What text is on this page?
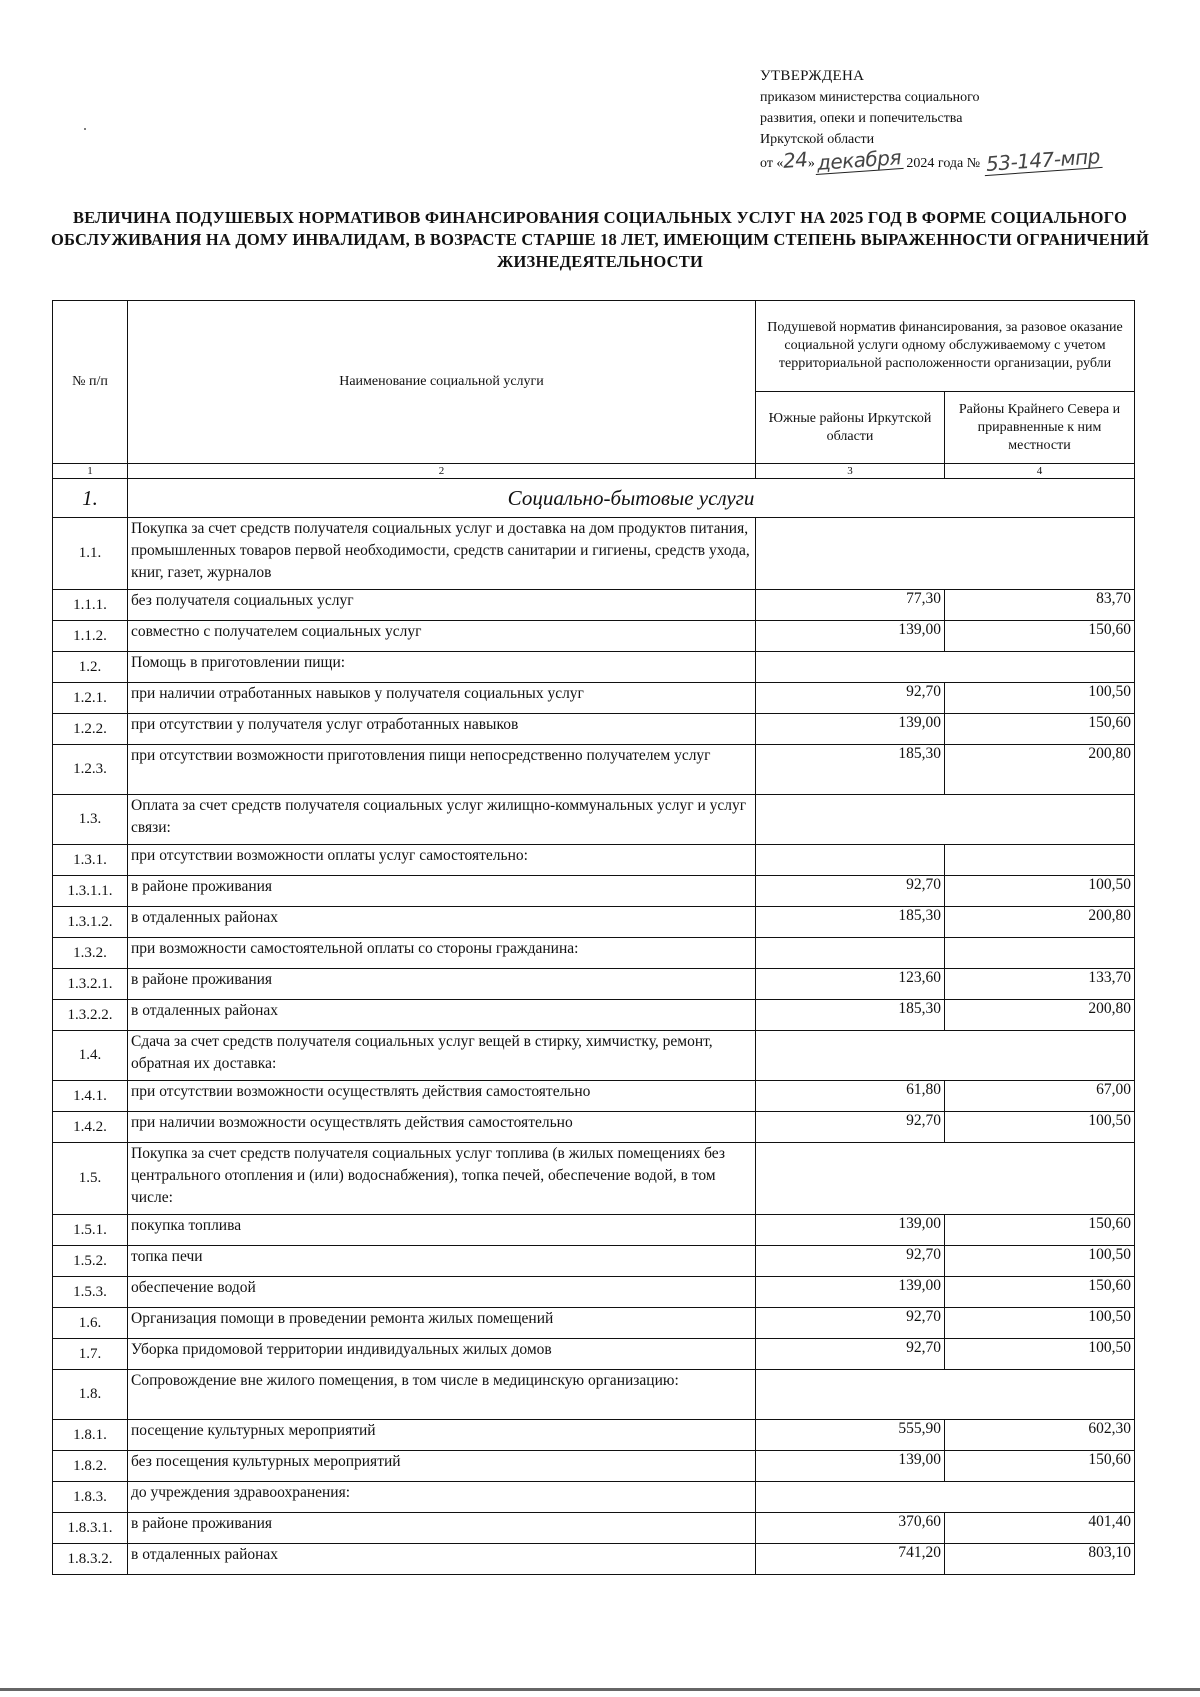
УТВЕРЖДЕНА
приказом министерства социального
развития, опеки и попечительства
Иркутской области
от «24»декабря 2024 года № 53-147-мпр
ВЕЛИЧИНА ПОДУШЕВЫХ НОРМАТИВОВ ФИНАНСИРОВАНИЯ СОЦИАЛЬНЫХ УСЛУГ НА 2025 ГОД В ФОРМЕ СОЦИАЛЬНОГО ОБСЛУЖИВАНИЯ НА ДОМУ ИНВАЛИДАМ, В ВОЗРАСТЕ СТАРШЕ 18 ЛЕТ, ИМЕЮЩИМ СТЕПЕНЬ ВЫРАЖЕННОСТИ ОГРАНИЧЕНИЙ ЖИЗНЕДЕЯТЕЛЬНОСТИ
№ п/п	Наименование социальной услуги	Подушевой норматив финансирования, за разовое оказание социальной услуги одному обслуживаемому с учетом территориальной расположенности организации, рубли	
		Южные районы Иркутской области	Районы Крайнего Севера и приравненные к ним местности
1	2	3	4
1.	Социально-бытовые услуги		
1.1.	Покупка за счет средств получателя социальных услуг и доставка на дом продуктов питания, промышленных товаров первой необходимости, средств санитарии и гигиены, средств ухода, книг, газет, журналов		
1.1.1.	без получателя социальных услуг	77,30	83,70
1.1.2.	совместно с получателем социальных услуг	139,00	150,60
1.2.	Помощь в приготовлении пищи:		
1.2.1.	при наличии отработанных навыков у получателя социальных услуг	92,70	100,50
1.2.2.	при отсутствии у получателя услуг отработанных навыков	139,00	150,60
1.2.3.	при отсутствии возможности приготовления пищи непосредственно получателем услуг	185,30	200,80
1.3.	Оплата за счет средств получателя социальных услуг жилищно-коммунальных услуг и услуг связи:		
1.3.1.	при отсутствии возможности оплаты услуг самостоятельно:		
1.3.1.1.	в районе проживания	92,70	100,50
1.3.1.2.	в отдаленных районах	185,30	200,80
1.3.2.	при возможности самостоятельной оплаты со стороны гражданина:		
1.3.2.1.	в районе проживания	123,60	133,70
1.3.2.2.	в отдаленных районах	185,30	200,80
1.4.	Сдача за счет средств получателя социальных услуг вещей в стирку, химчистку, ремонт, обратная их доставка:		
1.4.1.	при отсутствии возможности осуществлять действия самостоятельно	61,80	67,00
1.4.2.	при наличии возможности осуществлять действия самостоятельно	92,70	100,50
1.5.	Покупка за счет средств получателя социальных услуг топлива (в жилых помещениях без центрального отопления и (или) водоснабжения), топка печей, обеспечение водой, в том числе:		
1.5.1.	покупка топлива	139,00	150,60
1.5.2.	топка печи	92,70	100,50
1.5.3.	обеспечение водой	139,00	150,60
1.6.	Организация помощи в проведении ремонта жилых помещений	92,70	100,50
1.7.	Уборка придомовой территории индивидуальных жилых домов	92,70	100,50
1.8.	Сопровождение вне жилого помещения, в том числе в медицинскую организацию:		
1.8.1.	посещение культурных мероприятий	555,90	602,30
1.8.2.	без посещения культурных мероприятий	139,00	150,60
1.8.3.	до учреждения здравоохранения:		
1.8.3.1.	в районе проживания	370,60	401,40
1.8.3.2.	в отдаленных районах	741,20	803,10
